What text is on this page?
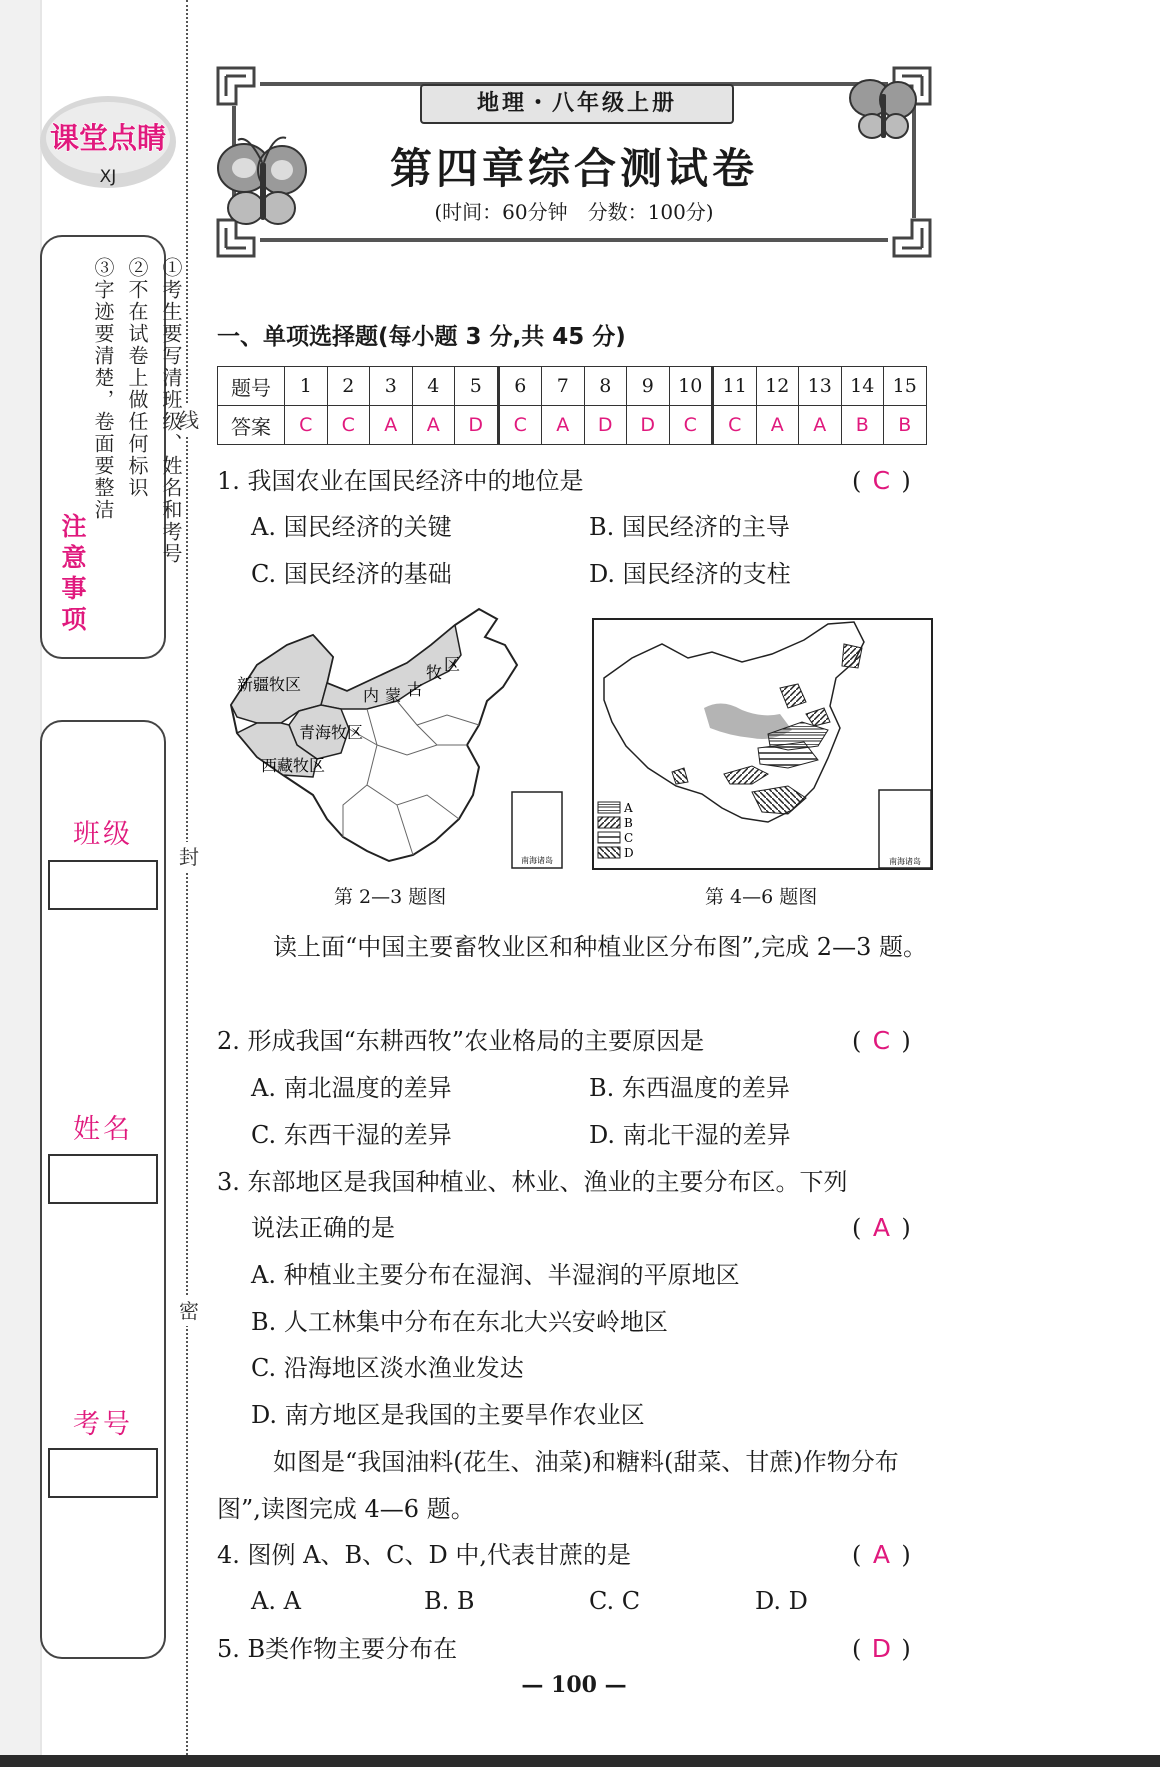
线
封
密
课堂点睛
XJ
注意事项
①考生要写清班级、姓名和考号
②不在试卷上做任何标识
③字迹要清楚，卷面要整洁
班级
姓名
考号
地理・八年级上册
第四章综合测试卷
(时间：60分钟　分数：100分)
一、单项选择题(每小题 3 分,共 45 分)
题号	1	2	3	4	5	6	7	8	9	10	11	12	13	14	15
答案	C	C	A	A	D	C	A	D	D	C	C	A	A	B	B
1. 我国农业在国民经济中的地位是	( C )
A. 国民经济的关键	B. 国民经济的主导
C. 国民经济的基础	D. 国民经济的支柱
南海诸岛
新疆牧区
牧 区
内 蒙 古
青海牧区
西藏牧区
第 2—3 题图
A
B
C
D
南海诸岛
第 4—6 题图
读上面“中国主要畜牧业区和种植业区分布图”,完成 2—3 题。
2. 形成我国“东耕西牧”农业格局的主要原因是	( C )
A. 南北温度的差异	B. 东西温度的差异
C. 东西干湿的差异	D. 南北干湿的差异
3. 东部地区是我国种植业、林业、渔业的主要分布区。下列
说法正确的是	( A )
A. 种植业主要分布在湿润、半湿润的平原地区
B. 人工林集中分布在东北大兴安岭地区
C. 沿海地区淡水渔业发达
D. 南方地区是我国的主要旱作农业区
如图是“我国油料(花生、油菜)和糖料(甜菜、甘蔗)作物分布图”,读图完成 4—6 题。
4. 图例 A、B、C、D 中,代表甘蔗的是	( A )
A. A	B. B	C. C	D. D
5. B类作物主要分布在	( D )
— 100 —
